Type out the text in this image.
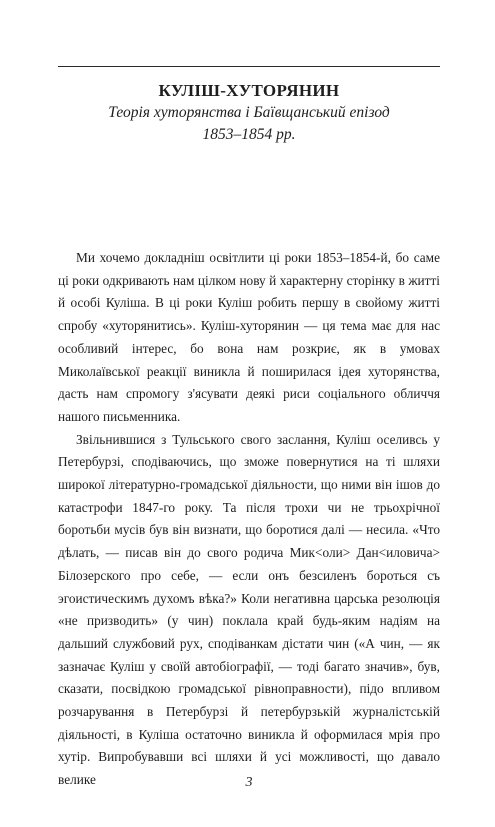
КУЛІШ-ХУТОРЯНИН

Теорія хуторянства і Баївщанський епізод

1853–1854 рр.

Ми хочемо докладніш освітлити ці роки 1853–1854-й, бо саме ці роки одкривають нам цілком нову й характерну сторінку в житті й особі Куліша. В ці роки Куліш робить першу в свойому житті спробу «хуторянитись». Куліш-хуторянин — ця тема має для нас особливий інтерес, бо вона нам розкриє, як в умовах Миколаївської реакції виникла й поширилася ідея хуторянства, дасть нам спромогу з'ясувати деякі риси соціального обличчя нашого письменника.

Звільнившися з Тульського свого заслання, Куліш оселивсь у Петербурзі, сподіваючись, що зможе повернутися на ті шляхи широкої літературно-громадської діяльности, що ними він ішов до катастрофи 1847-го року. Та після трохи чи не трьохрічної боротьби мусів був він визнати, що боротися далі — несила. «Что дѣлать, — писав він до свого родича Мик<оли> Дан<иловича> Білозерского про себе, — если онъ безсиленъ бороться съ эгоистическимъ духомъ вѣка?» Коли негативна царська резолюція «не призводить» (у чин) поклала край будь-яким надіям на дальший службовий рух, сподіванкам дістати чин («А чин, — як зазначає Куліш у своїй автобіографії, — тоді багато значив», був, сказати, посвідкою громадської рівноправности), підо впливом розчарування в Петербурзі й петербурзькій журналістській діяльності, в Куліша остаточно виникла й оформилася мрія про хутір. Випробувавши всі шляхи й усі можливості, що давало велике	3
